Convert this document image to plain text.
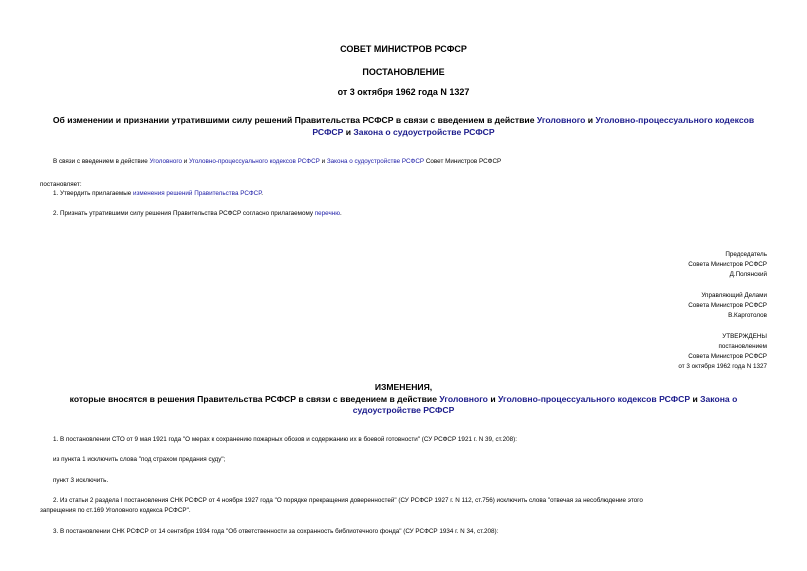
СОВЕТ МИНИСТРОВ РСФСР
ПОСТАНОВЛЕНИЕ
от 3 октября 1962 года N 1327
Об изменении и признании утратившими силу решений Правительства РСФСР в связи с введением в действие Уголовного и Уголовно-процессуального кодексов
РСФСР и Закона о судоустройстве РСФСР
В связи с введением в действие Уголовного и Уголовно-процессуального кодексов РСФСР и Закона о судоустройстве РСФСР Совет Министров РСФСР
постановляет:
1. Утвердить прилагаемые изменения решений Правительства РСФСР.
2. Признать утратившими силу решения Правительства РСФСР согласно прилагаемому перечню.
Председатель
Совета Министров РСФСР
Д.Полянский
Управляющий Делами
Совета Министров РСФСР
В.Карготолов
УТВЕРЖДЕНЫ
постановлением
Совета Министров РСФСР
от 3 октября 1962 года N 1327
ИЗМЕНЕНИЯ,
которые вносятся в решения Правительства РСФСР в связи с введением в действие Уголовного и Уголовно-процессуального кодексов РСФСР и Закона о
судоустройстве РСФСР
1. В постановлении СТО от 9 мая 1921 года "О мерах к сохранению пожарных обозов и содержанию их в боевой готовности" (СУ РСФСР 1921 г. N 39, ст.208):
из пункта 1 исключить слова "под страхом предания суду";
пункт 3 исключить.
2. Из статьи 2 раздела I постановления СНК РСФСР от 4 ноября 1927 года "О порядке прекращения доверенностей" (СУ РСФСР 1927 г. N 112, ст.756) исключить слова "отвечая за несоблюдение этого
запрещения по ст.169 Уголовного кодекса РСФСР".
3. В постановлении СНК РСФСР от 14 сентября 1934 года "Об ответственности за сохранность библиотечного фонда" (СУ РСФСР 1934 г. N 34, ст.208):
